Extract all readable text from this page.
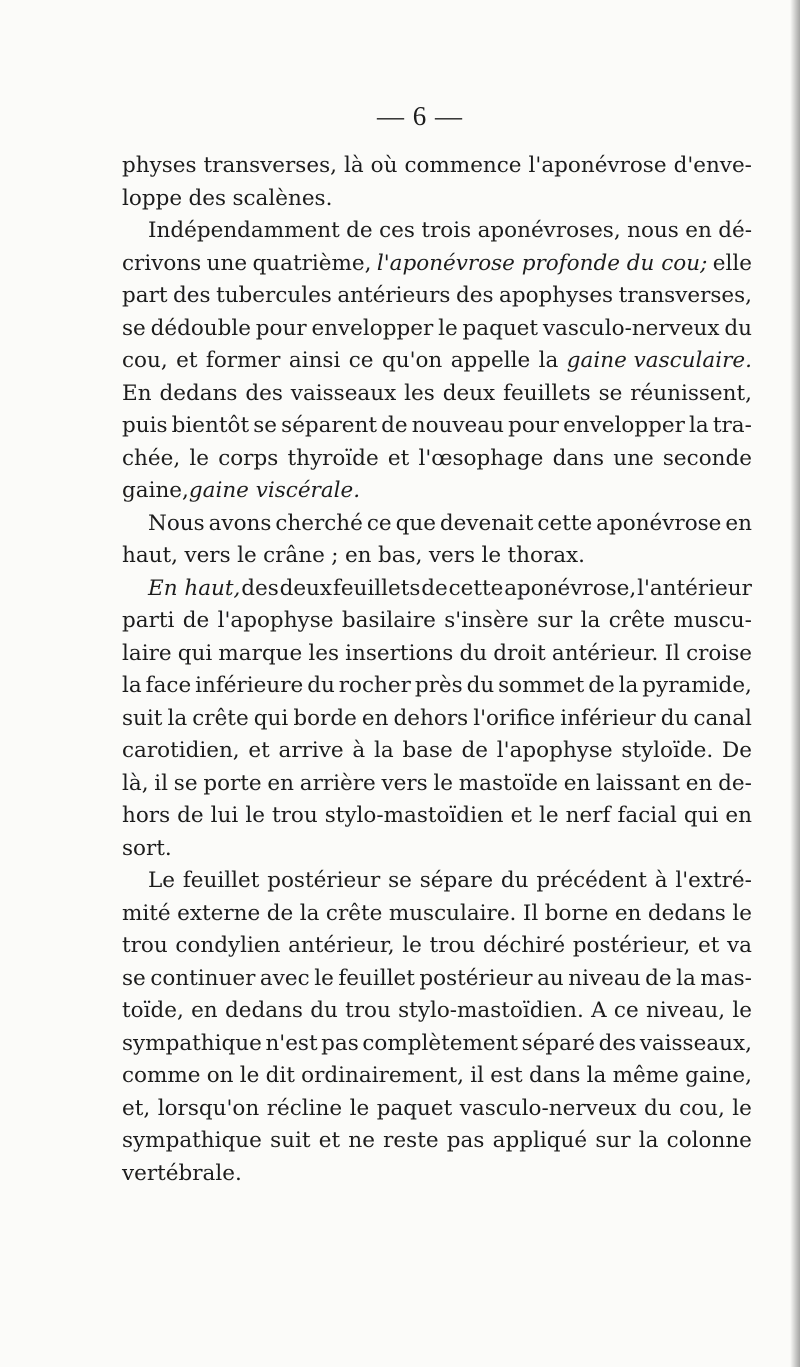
— 6 —
physes transverses, là où commence l'aponévrose d'enve-
loppe des scalènes.
Indépendamment de ces trois aponévroses, nous en dé-
crivons une quatrième, l'aponévrose profonde du cou; elle
part des tubercules antérieurs des apophyses transverses,
se dédouble pour envelopper le paquet vasculo-nerveux du
cou, et former ainsi ce qu'on appelle la gaine vasculaire.
En dedans des vaisseaux les deux feuillets se réunissent,
puis bientôt se séparent de nouveau pour envelopper la tra-
chée, le corps thyroïde et l'œsophage dans une seconde
gaine, gaine viscérale.
Nous avons cherché ce que devenait cette aponévrose en
haut, vers le crâne ; en bas, vers le thorax.
En haut, des deux feuillets de cette aponévrose, l'antérieur
parti de l'apophyse basilaire s'insère sur la crête muscu-
laire qui marque les insertions du droit antérieur. Il croise
la face inférieure du rocher près du sommet de la pyramide,
suit la crête qui borde en dehors l'orifice inférieur du canal
carotidien, et arrive à la base de l'apophyse styloïde. De
là, il se porte en arrière vers le mastoïde en laissant en de-
hors de lui le trou stylo-mastoïdien et le nerf facial qui en
sort.
Le feuillet postérieur se sépare du précédent à l'extré-
mité externe de la crête musculaire. Il borne en dedans le
trou condylien antérieur, le trou déchiré postérieur, et va
se continuer avec le feuillet postérieur au niveau de la mas-
toïde, en dedans du trou stylo-mastoïdien. A ce niveau, le
sympathique n'est pas complètement séparé des vaisseaux,
comme on le dit ordinairement, il est dans la même gaine,
et, lorsqu'on récline le paquet vasculo-nerveux du cou, le
sympathique suit et ne reste pas appliqué sur la colonne
vertébrale.
